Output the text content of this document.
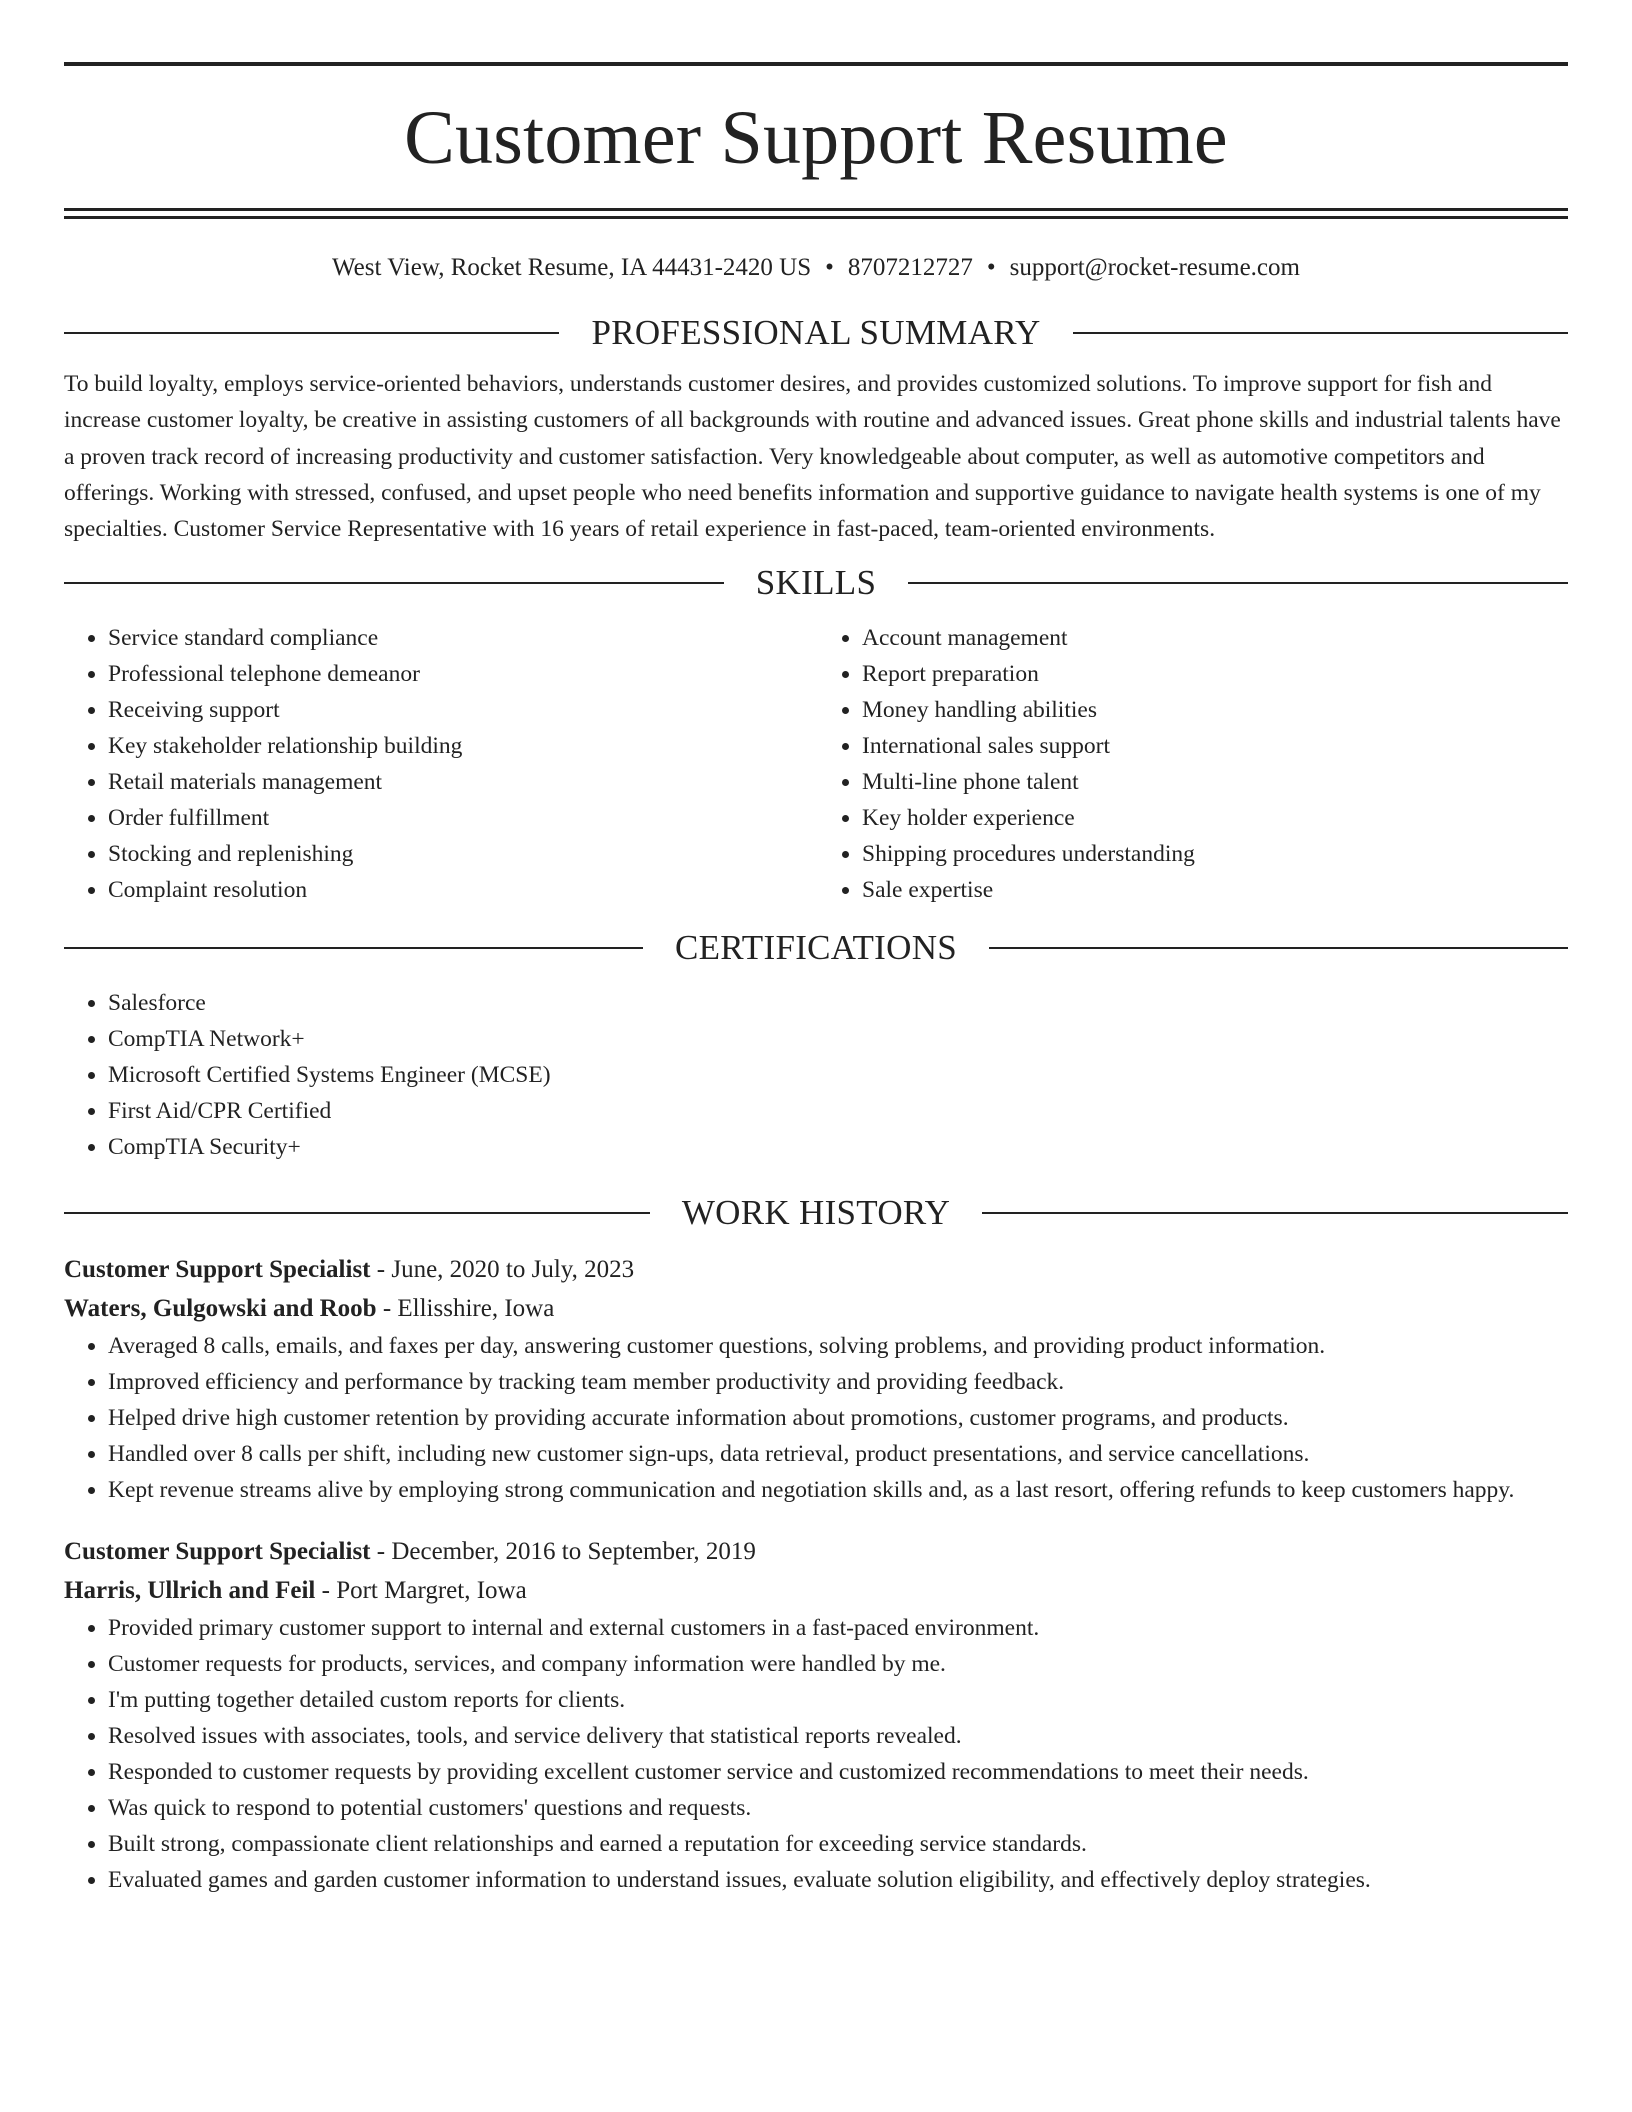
Customer Support Resume
West View, Rocket Resume, IA 44431-2420 US • 8707212727 • support@rocket-resume.com
PROFESSIONAL SUMMARY

To build loyalty, employs service-oriented behaviors, understands customer desires, and provides customized solutions. To improve support for fish and increase customer loyalty, be creative in assisting customers of all backgrounds with routine and advanced issues. Great phone skills and industrial talents have a proven track record of increasing productivity and customer satisfaction. Very knowledgeable about computer, as well as automotive competitors and offerings. Working with stressed, confused, and upset people who need benefits information and supportive guidance to navigate health systems is one of my specialties. Customer Service Representative with 16 years of retail experience in fast-paced, team-oriented environments.

SKILLS
• Service standard compliance
• Professional telephone demeanor
• Receiving support
• Key stakeholder relationship building
• Retail materials management
• Order fulfillment
• Stocking and replenishing
• Complaint resolution
• Account management
• Report preparation
• Money handling abilities
• International sales support
• Multi-line phone talent
• Key holder experience
• Shipping procedures understanding
• Sale expertise
CERTIFICATIONS
• Salesforce
• CompTIA Network+
• Microsoft Certified Systems Engineer (MCSE)
• First Aid/CPR Certified
• CompTIA Security+
WORK HISTORY
Customer Support Specialist - June, 2020 to July, 2023
Waters, Gulgowski and Roob - Ellisshire, Iowa
• Averaged 8 calls, emails, and faxes per day, answering customer questions, solving problems, and providing product information.
• Improved efficiency and performance by tracking team member productivity and providing feedback.
• Helped drive high customer retention by providing accurate information about promotions, customer programs, and products.
• Handled over 8 calls per shift, including new customer sign-ups, data retrieval, product presentations, and service cancellations.
• Kept revenue streams alive by employing strong communication and negotiation skills and, as a last resort, offering refunds to keep customers happy.
Customer Support Specialist - December, 2016 to September, 2019
Harris, Ullrich and Feil - Port Margret, Iowa
• Provided primary customer support to internal and external customers in a fast-paced environment.
• Customer requests for products, services, and company information were handled by me.
• I'm putting together detailed custom reports for clients.
• Resolved issues with associates, tools, and service delivery that statistical reports revealed.
• Responded to customer requests by providing excellent customer service and customized recommendations to meet their needs.
• Was quick to respond to potential customers' questions and requests.
• Built strong, compassionate client relationships and earned a reputation for exceeding service standards.
• Evaluated games and garden customer information to understand issues, evaluate solution eligibility, and effectively deploy strategies.
